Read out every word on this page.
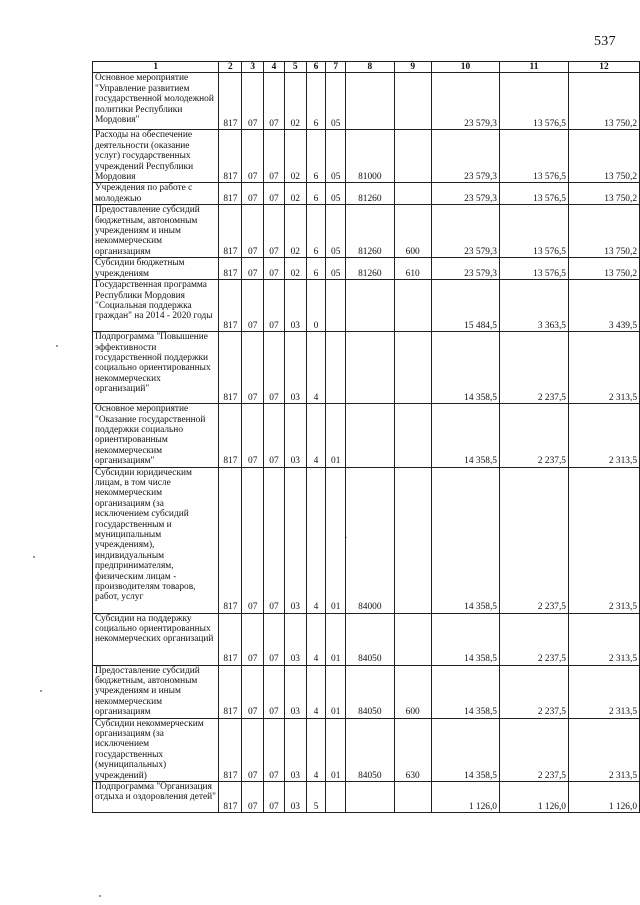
537
1	2	3	4	5	6	7	8	9	10	11	12
Основное мероприятие "Управление развитием государственной молодежной политики Республики Мордовия"	817	07	07	02	6	05			23 579,3	13 576,5	13 750,2
Расходы на обеспечение деятельности (оказание услуг) государственных учреждений Республики Мордовия	817	07	07	02	6	05	81000		23 579,3	13 576,5	13 750,2
Учреждения по работе с молодежью	817	07	07	02	6	05	81260		23 579,3	13 576,5	13 750,2
Предоставление субсидий бюджетным, автономным учреждениям и иным некоммерческим организациям	817	07	07	02	6	05	81260	600	23 579,3	13 576,5	13 750,2
Субсидии бюджетным учреждениям	817	07	07	02	6	05	81260	610	23 579,3	13 576,5	13 750,2
Государственная программа Республики Мордовия "Социальная поддержка граждан" на 2014 - 2020 годы	817	07	07	03	0				15 484,5	3 363,5	3 439,5
Подпрограмма "Повышение эффективности государственной поддержки социально ориентированных некоммерческих организаций"	817	07	07	03	4				14 358,5	2 237,5	2 313,5
Основное мероприятие "Оказание государственной поддержки социально ориентированным некоммерческим организациям"	817	07	07	03	4	01			14 358,5	2 237,5	2 313,5
Субсидии юридическим лицам, в том числе некоммерческим организациям (за исключением субсидий государственным и муниципальным учреждениям), индивидуальным предпринимателям, физическим лицам - производителям товаров, работ, услуг	817	07	07	03	4	01	84000		14 358,5	2 237,5	2 313,5
Субсидии на поддержку социально ориентированных некоммерческих организаций	817	07	07	03	4	01	84050		14 358,5	2 237,5	2 313,5
Предоставление субсидий бюджетным, автономным учреждениям и иным некоммерческим организациям	817	07	07	03	4	01	84050	600	14 358,5	2 237,5	2 313,5
Субсидии некоммерческим организациям (за исключением государственных (муниципальных) учреждений)	817	07	07	03	4	01	84050	630	14 358,5	2 237,5	2 313,5
Подпрограмма "Организация отдыха и оздоровления детей"	817	07	07	03	5				1 126,0	1 126,0	1 126,0
